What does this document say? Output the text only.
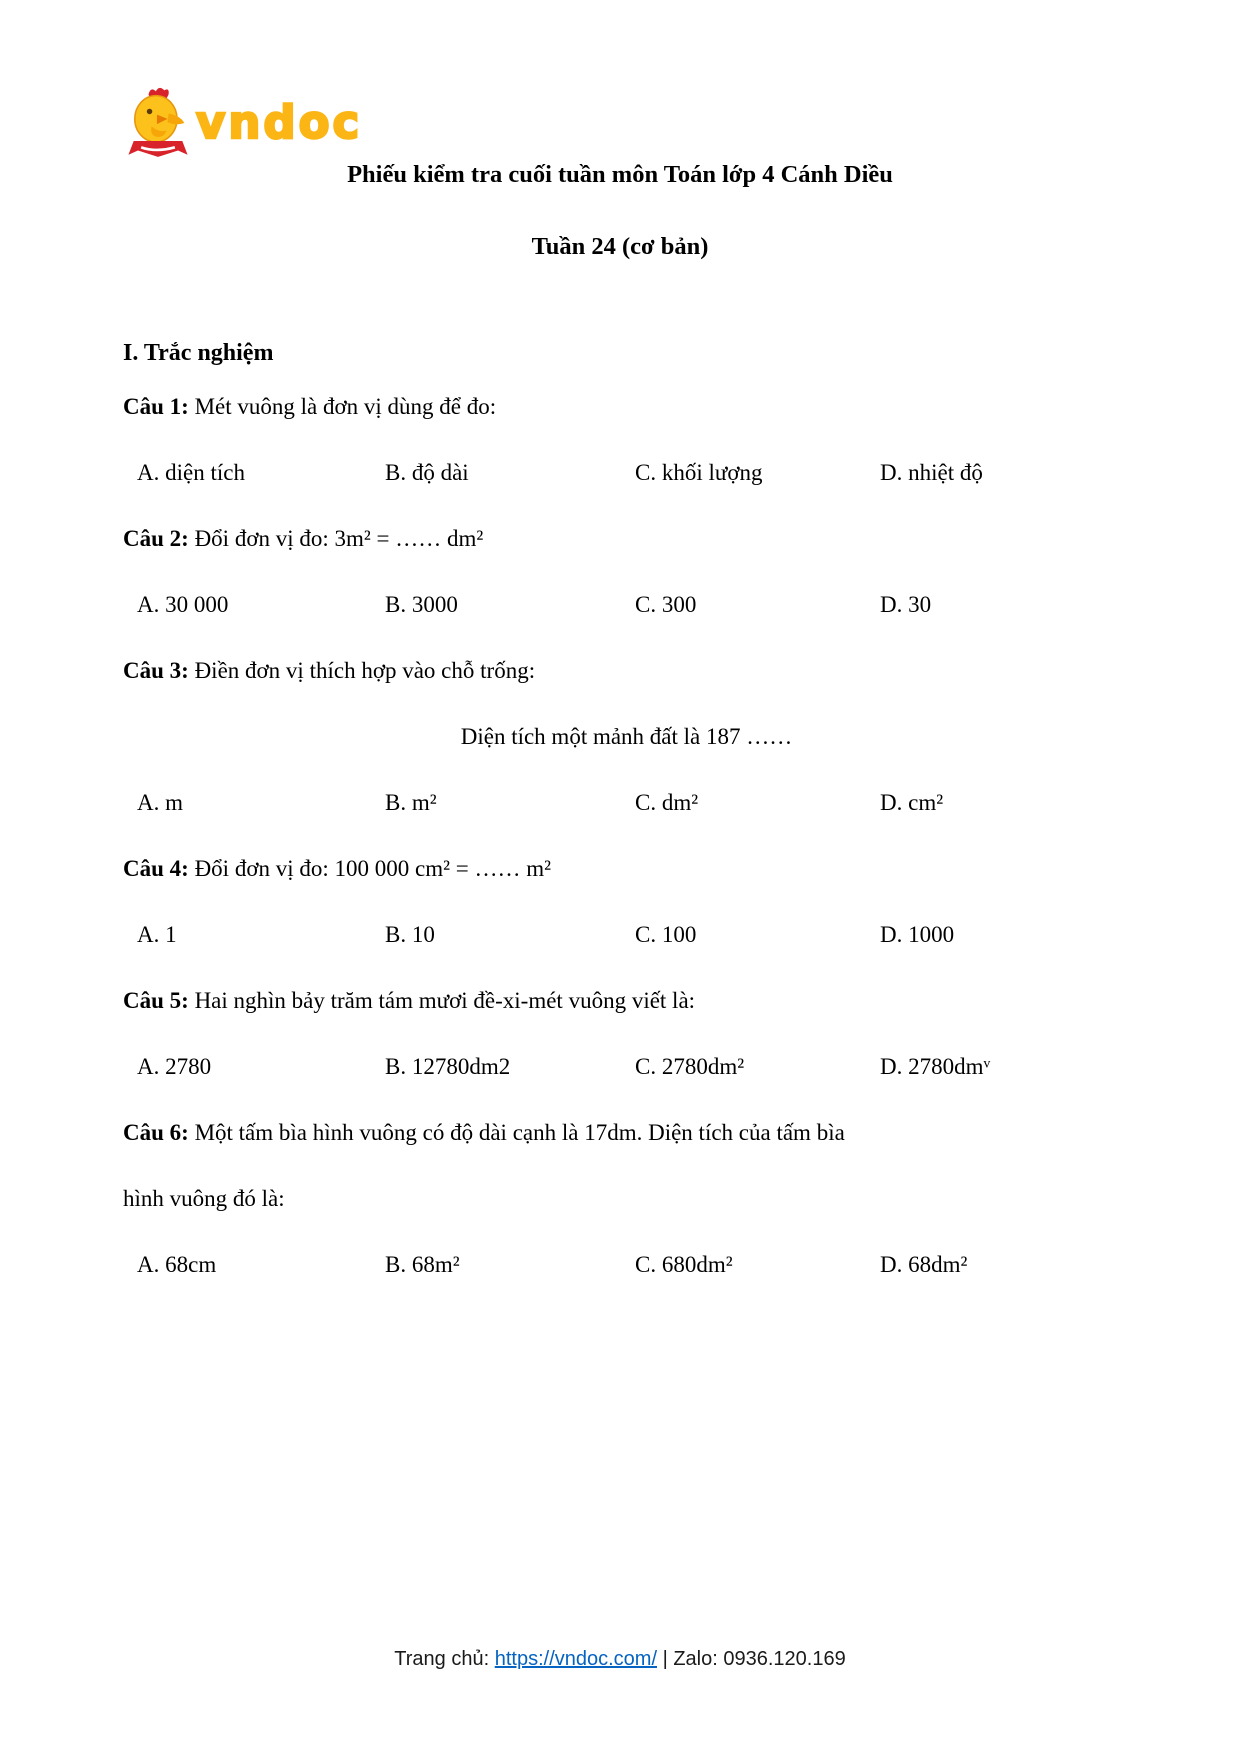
vndoc
Phiếu kiểm tra cuối tuần môn Toán lớp 4 Cánh Diều
Tuần 24 (cơ bản)
I. Trắc nghiệm

Câu 1: Mét vuông là đơn vị dùng để đo:

A. diện tích	B. độ dài	C. khối lượng	D. nhiệt độ

Câu 2: Đổi đơn vị đo: 3m² = …… dm²

A. 30 000	B. 3000	C. 300	D. 30

Câu 3: Điền đơn vị thích hợp vào chỗ trống:

Diện tích một mảnh đất là 187 ……

A. m	B. m²	C. dm²	D. cm²

Câu 4: Đổi đơn vị đo: 100 000 cm² = …… m²

A. 1	B. 10	C. 100	D. 1000

Câu 5: Hai nghìn bảy trăm tám mươi đề-xi-mét vuông viết là:

A. 2780	B. 12780dm2	C. 2780dm²	D. 2780dmᵛ

Câu 6: Một tấm bìa hình vuông có độ dài cạnh là 17dm. Diện tích của tấm bìa

hình vuông đó là:

A. 68cm	B. 68m²	C. 680dm²	D. 68dm²
Trang chủ: https://vndoc.com/ | Zalo: 0936.120.169
